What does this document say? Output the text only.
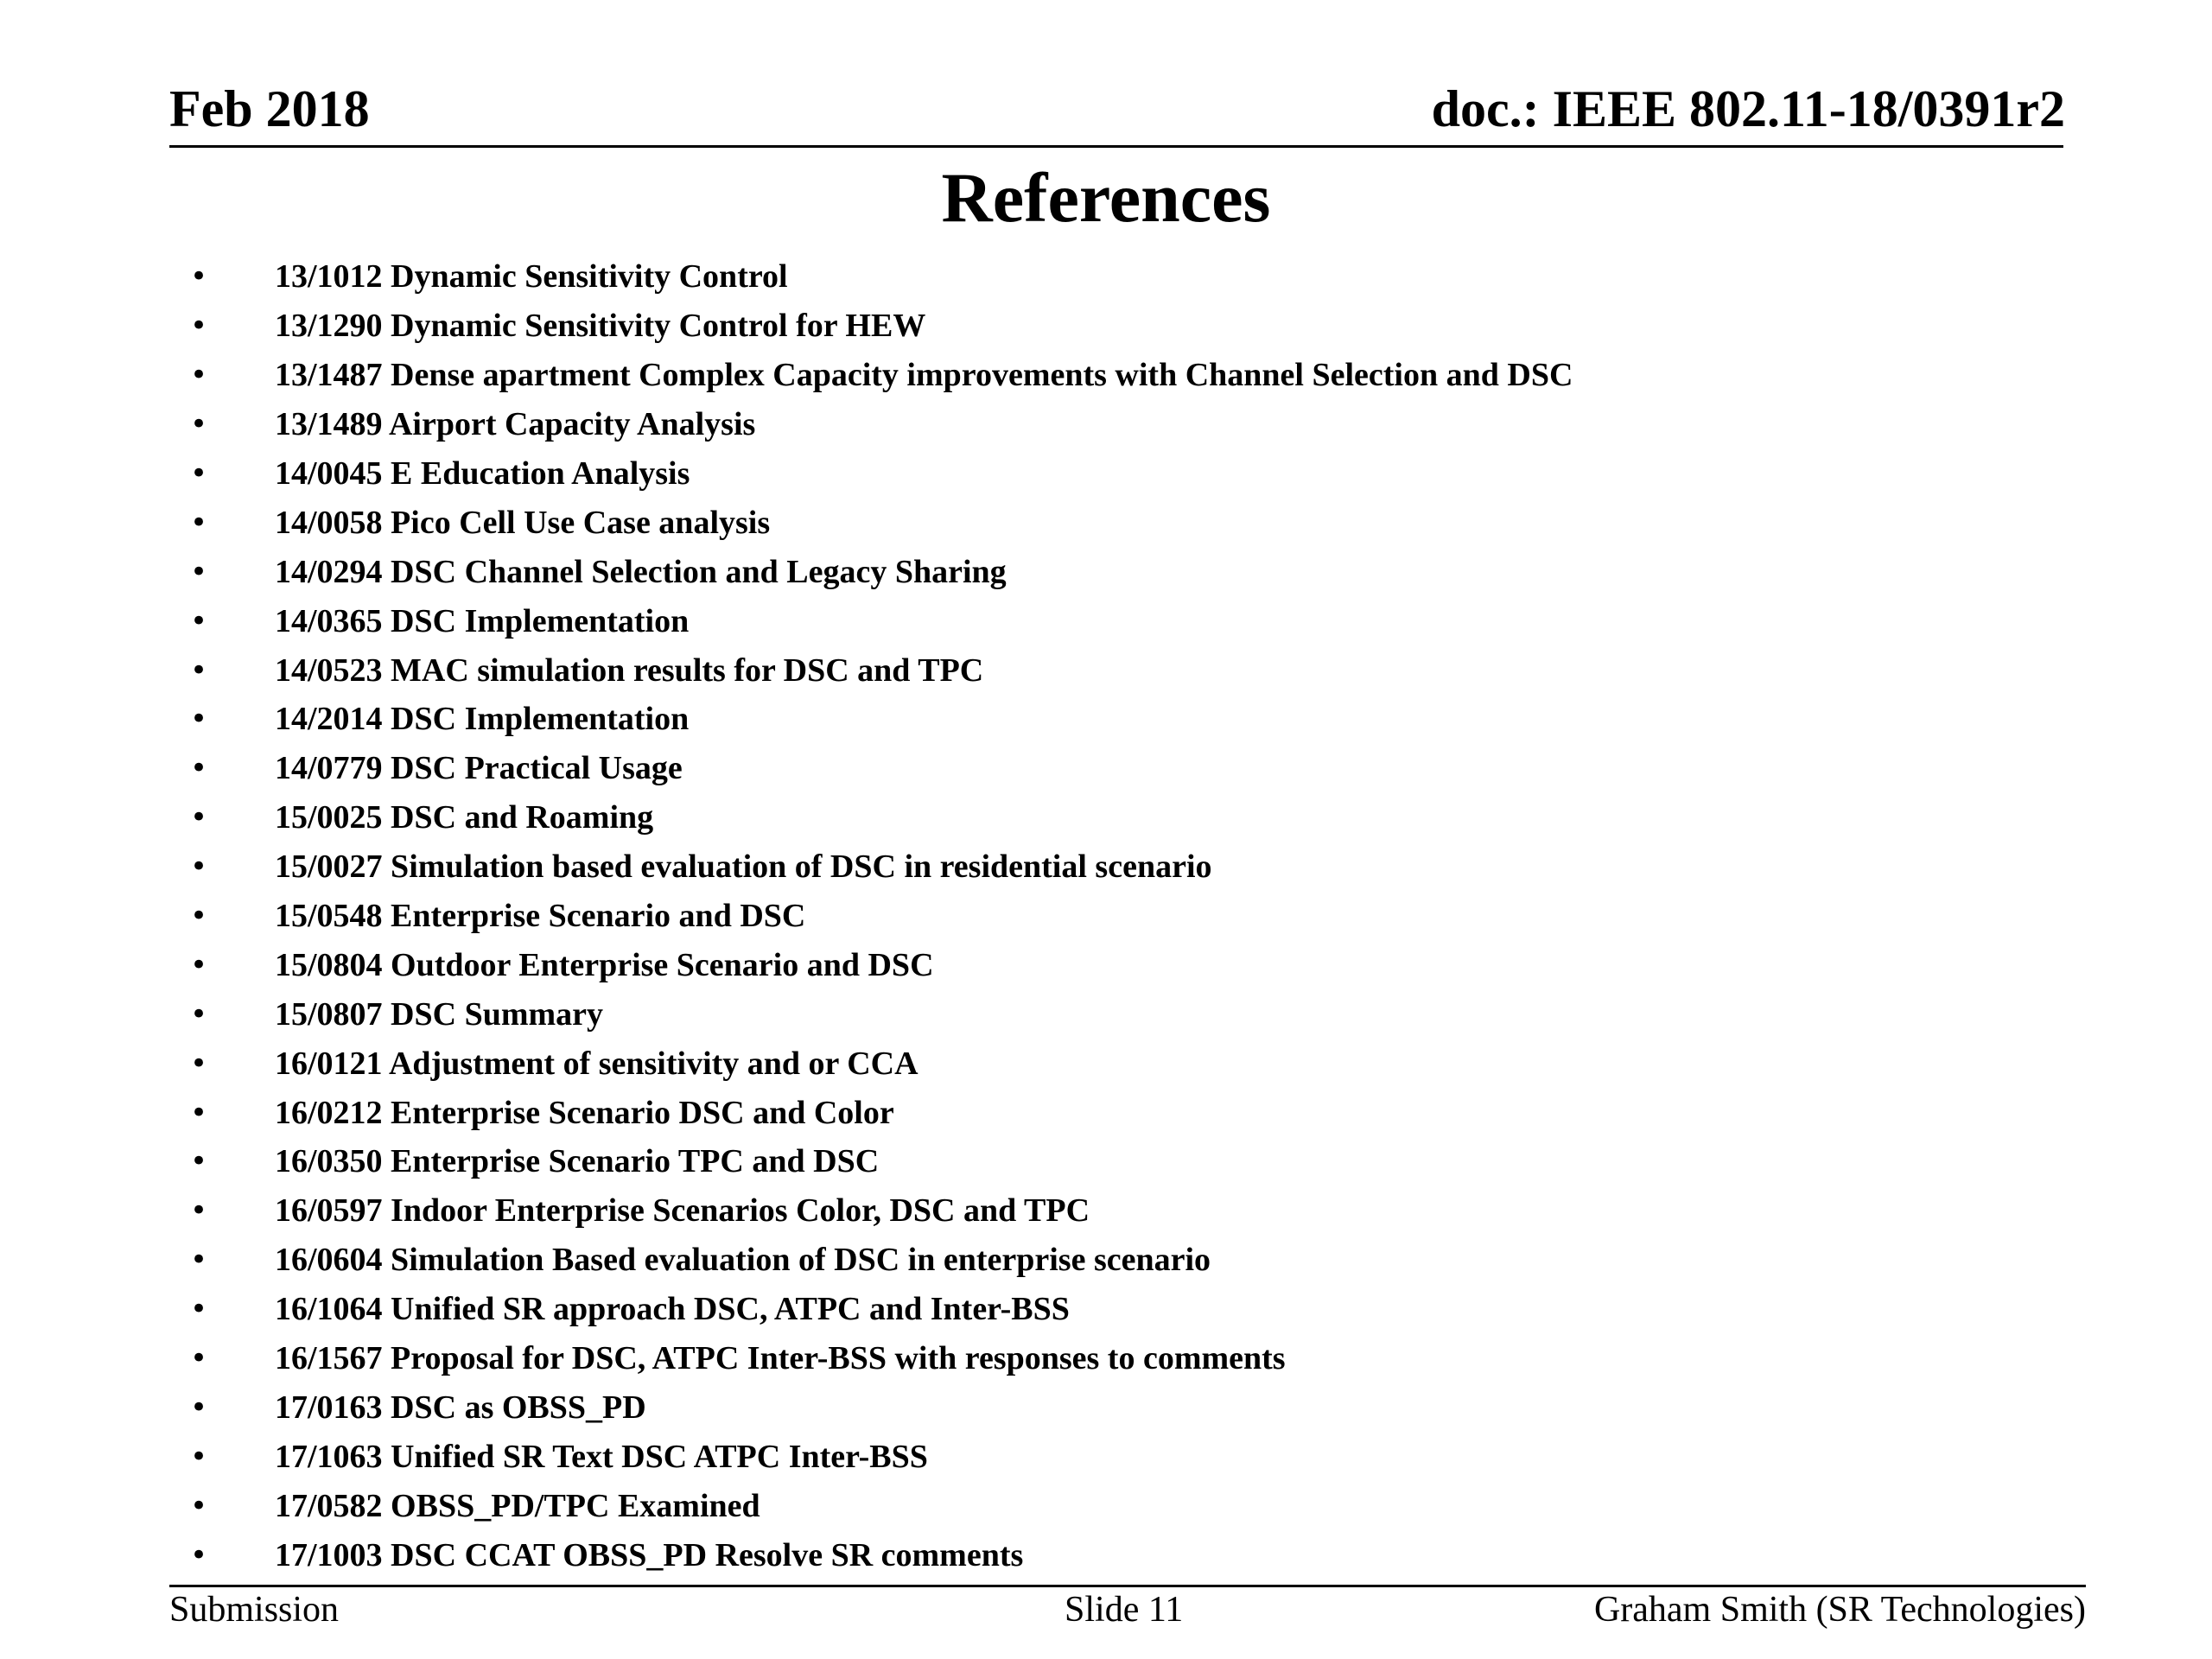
Feb 2018	doc.: IEEE 802.11-18/0391r2
References
•	13/1012 Dynamic Sensitivity Control
•	13/1290 Dynamic Sensitivity Control for HEW
•	13/1487 Dense apartment Complex Capacity improvements with Channel Selection and DSC
•	13/1489 Airport Capacity Analysis
•	14/0045 E Education Analysis
•	14/0058 Pico Cell Use Case analysis
•	14/0294 DSC Channel Selection and Legacy Sharing
•	14/0365 DSC Implementation
•	14/0523 MAC simulation results for DSC and TPC
•	14/2014 DSC Implementation
•	14/0779 DSC Practical Usage
•	15/0025 DSC and Roaming
•	15/0027 Simulation based evaluation of DSC in residential scenario
•	15/0548 Enterprise Scenario and DSC
•	15/0804 Outdoor Enterprise Scenario and DSC
•	15/0807 DSC Summary
•	16/0121 Adjustment of sensitivity and or CCA
•	16/0212 Enterprise Scenario DSC and Color
•	16/0350 Enterprise Scenario TPC and DSC
•	16/0597 Indoor Enterprise Scenarios Color, DSC and TPC
•	16/0604 Simulation Based evaluation of DSC in enterprise scenario
•	16/1064 Unified SR approach DSC, ATPC and Inter-BSS
•	16/1567 Proposal for DSC, ATPC Inter-BSS with responses to comments
•	17/0163 DSC as OBSS_PD
•	17/1063 Unified SR Text DSC ATPC Inter-BSS
•	17/0582 OBSS_PD/TPC Examined
•	17/1003 DSC CCAT OBSS_PD Resolve SR comments
Submission	Slide 11	Graham Smith (SR Technologies)
